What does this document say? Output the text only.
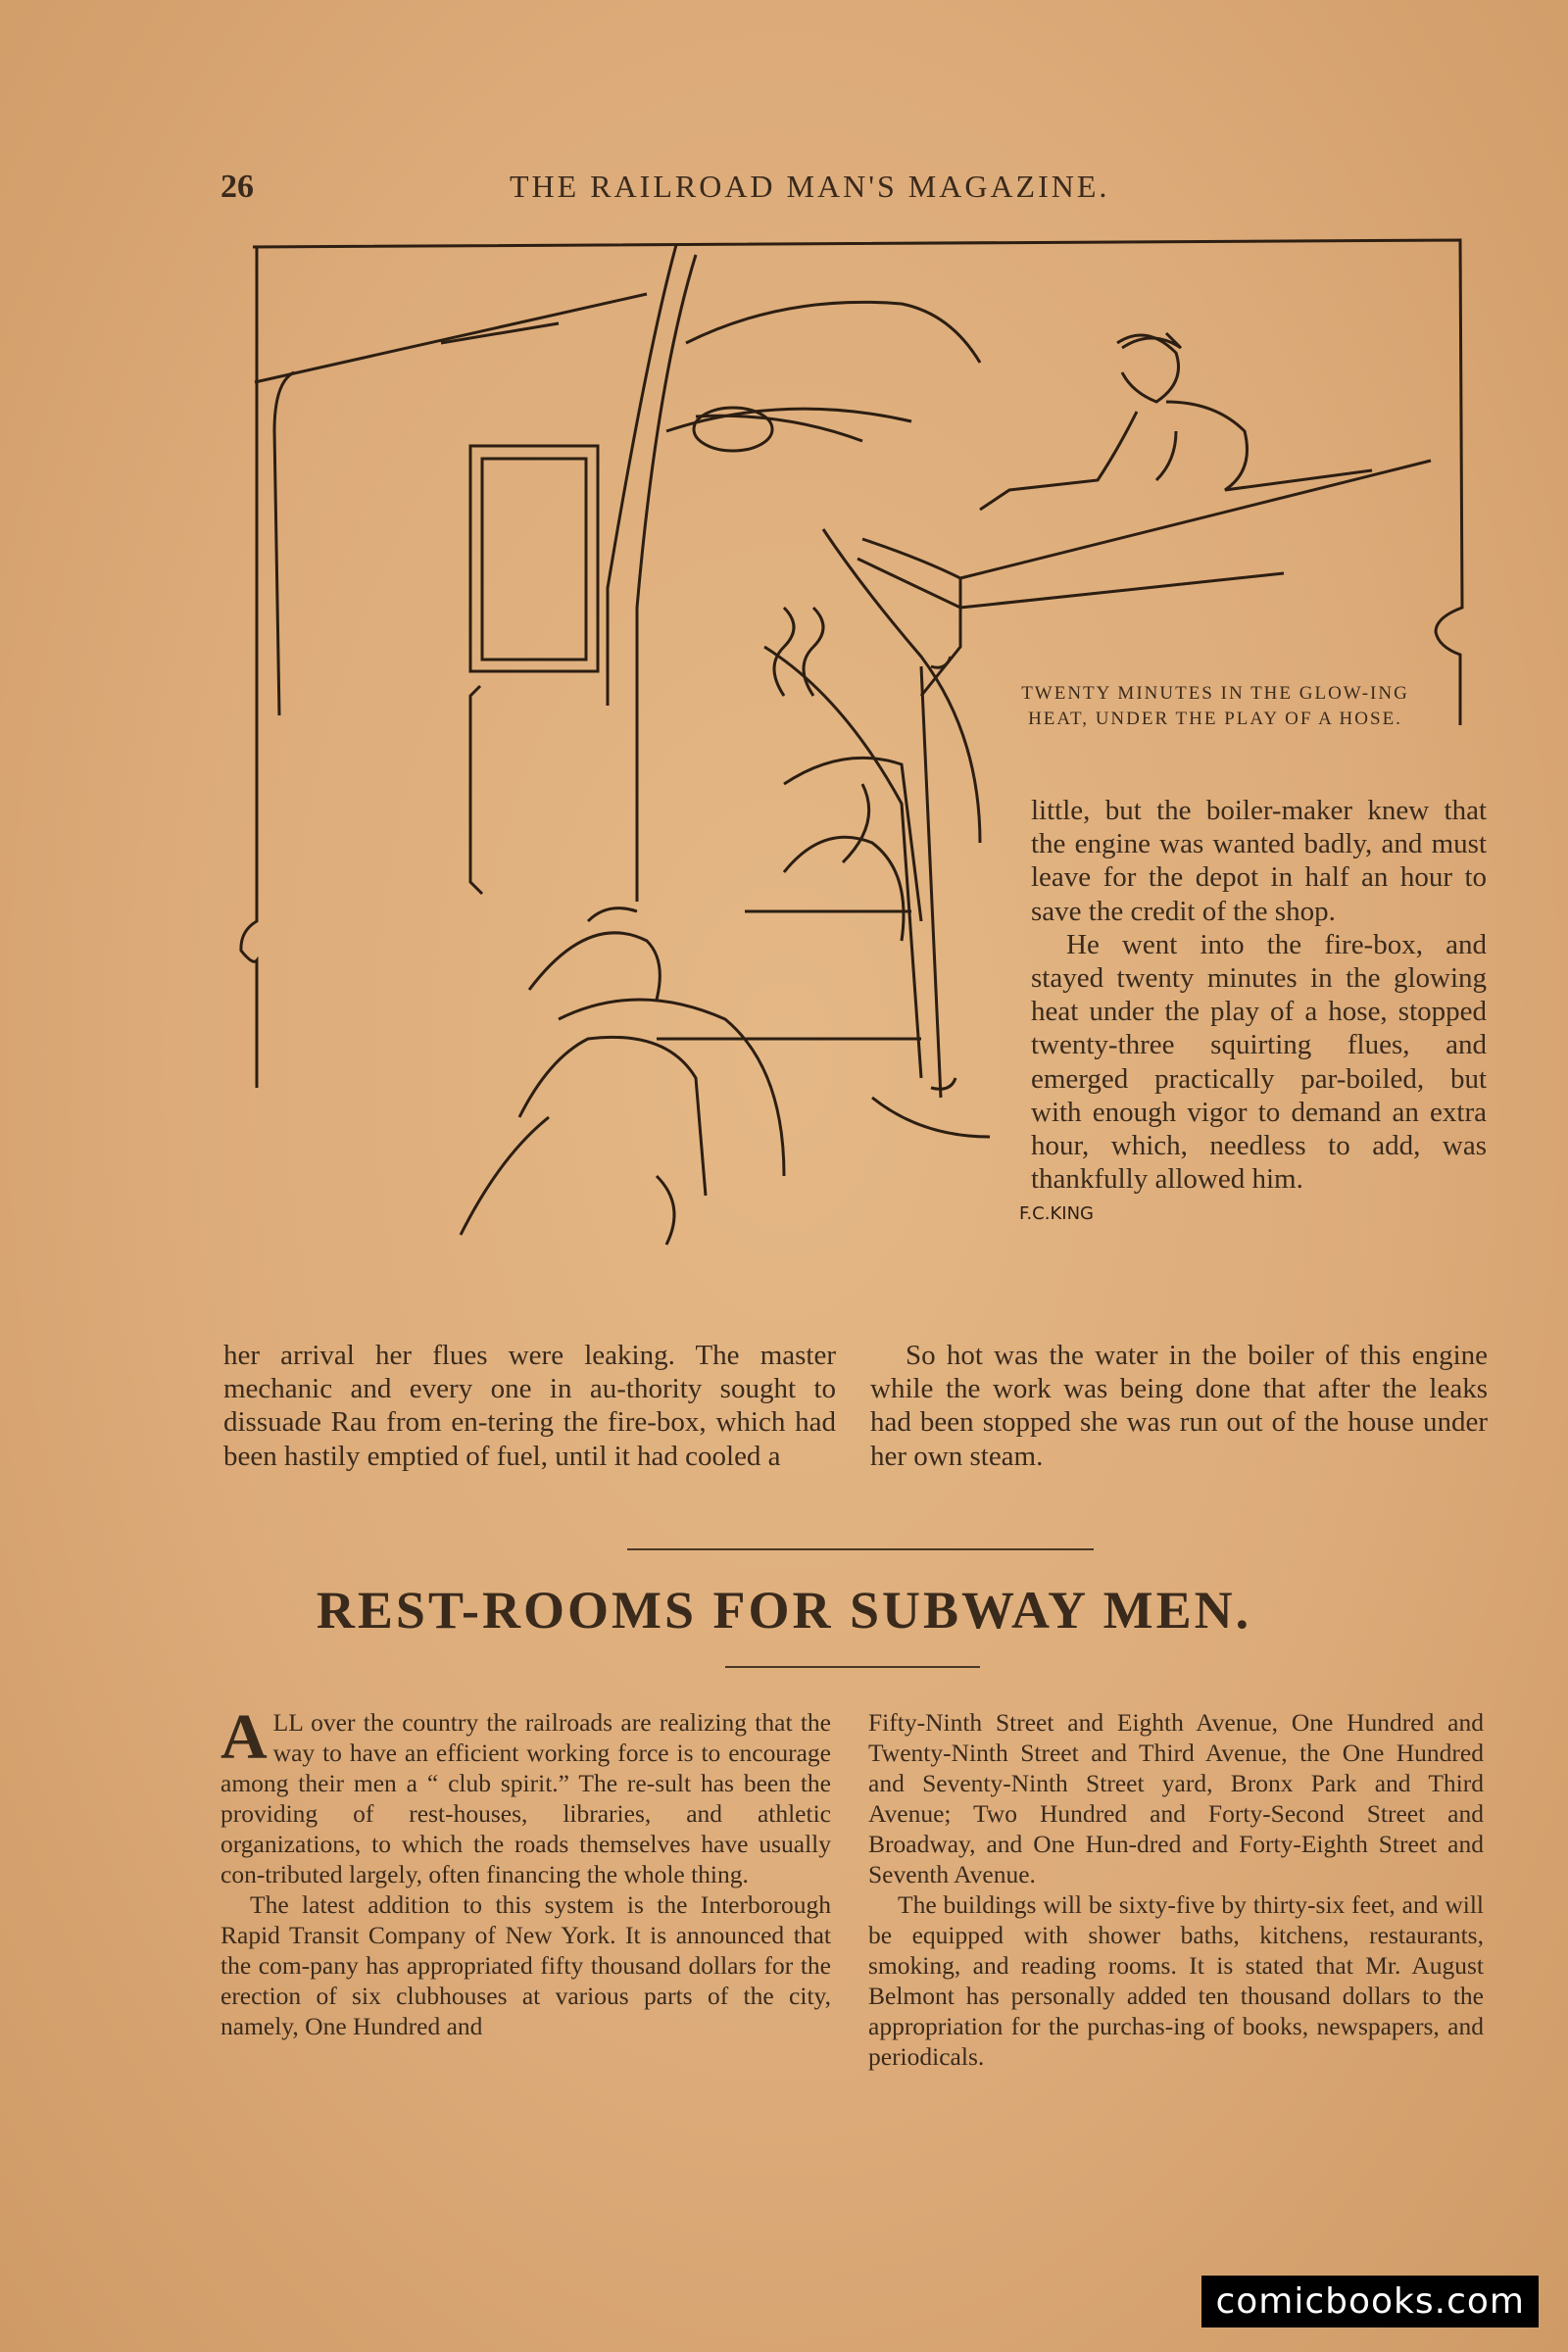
26	THE RAILROAD MAN'S MAGAZINE.
F.C.KING
TWENTY MINUTES IN THE GLOW-ING HEAT, UNDER THE PLAY OF A HOSE.

little, but the boiler-maker knew that the engine was wanted badly, and must leave for the depot in half an hour to save the credit of the shop.

He went into the fire-box, and stayed twenty minutes in the glowing heat under the play of a hose, stopped twenty-three squirting flues, and emerged practically par-boiled, but with enough vigor to demand an extra hour, which, needless to add, was thankfully allowed him.

her arrival her flues were leaking. The master mechanic and every one in au-thority sought to dissuade Rau from en-tering the fire-box, which had been hastily emptied of fuel, until it had cooled a

So hot was the water in the boiler of this engine while the work was being done that after the leaks had been stopped she was run out of the house under her own steam.

REST-ROOMS FOR SUBWAY MEN.

ALL over the country the railroads are realizing that the way to have an efficient working force is to encourage among their men a “ club spirit.” The re-sult has been the providing of rest-houses, libraries, and athletic organizations, to which the roads themselves have usually con-tributed largely, often financing the whole thing.

The latest addition to this system is the Interborough Rapid Transit Company of New York. It is announced that the com-pany has appropriated fifty thousand dollars for the erection of six clubhouses at various parts of the city, namely, One Hundred and

Fifty-Ninth Street and Eighth Avenue, One Hundred and Twenty-Ninth Street and Third Avenue, the One Hundred and Seventy-Ninth Street yard, Bronx Park and Third Avenue; Two Hundred and Forty-Second Street and Broadway, and One Hun-dred and Forty-Eighth Street and Seventh Avenue.

The buildings will be sixty-five by thirty-six feet, and will be equipped with shower baths, kitchens, restaurants, smoking, and reading rooms. It is stated that Mr. August Belmont has personally added ten thousand dollars to the appropriation for the purchas-ing of books, newspapers, and periodicals.

comicbooks.com
